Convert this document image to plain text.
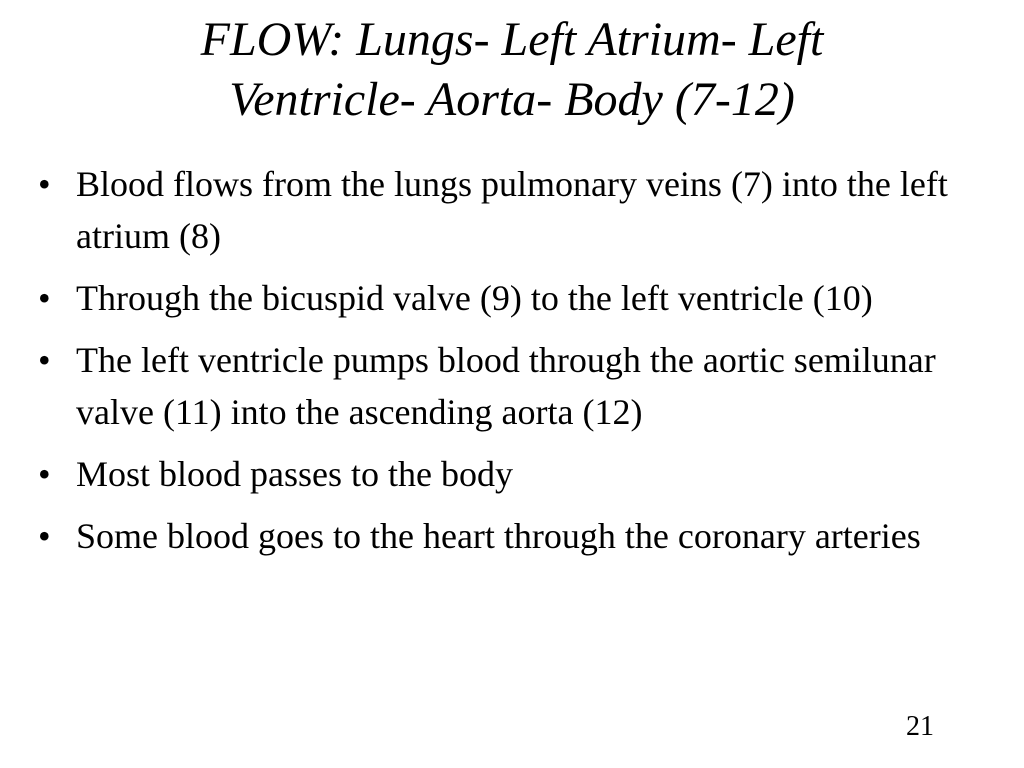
FLOW: Lungs- Left Atrium- Left
Ventricle- Aorta- Body (7-12)
• Blood flows from the lungs pulmonary veins (7) into the left atrium (8)
• Through the bicuspid valve (9) to the left ventricle (10)
• The left ventricle pumps blood through the aortic semilunar valve (11) into the ascending aorta (12)
• Most blood passes to the body
• Some blood goes to the heart through the coronary arteries
21
